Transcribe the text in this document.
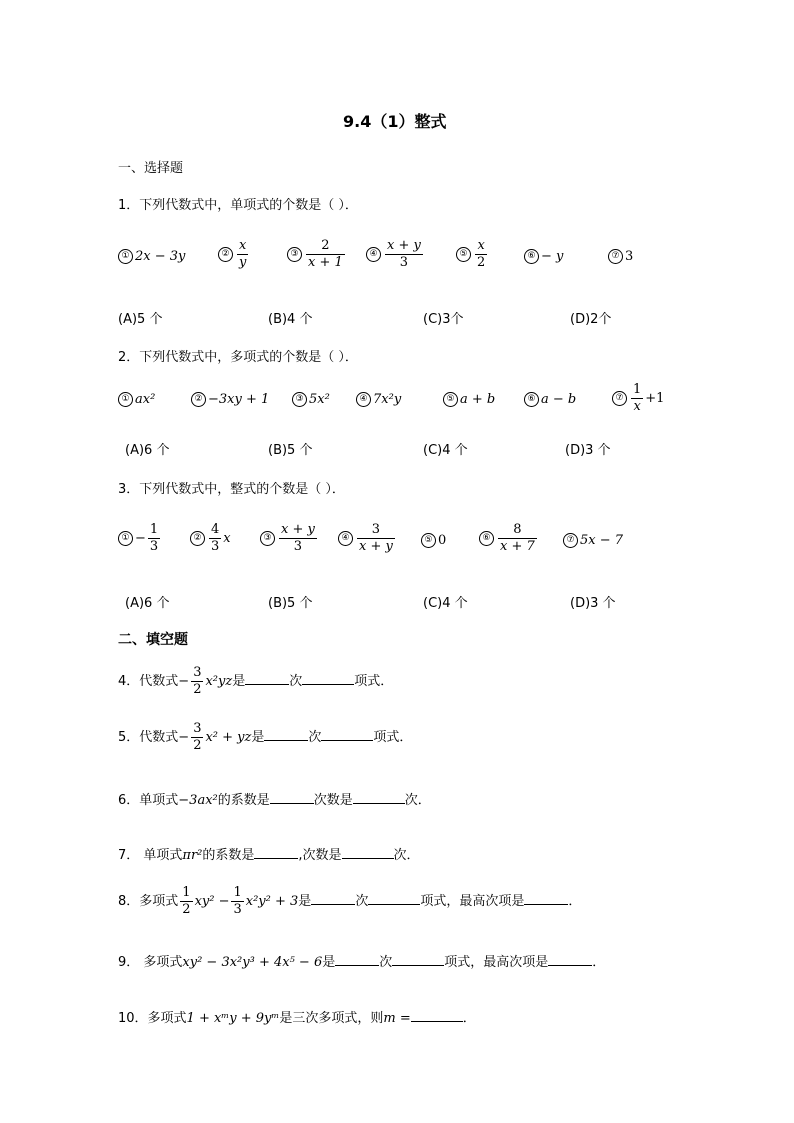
9.4（1）整式
一、选择题
1．下列代数式中，单项式的个数是（ ）．
① 2x − 3y	② $\frac{x}{y}$	③ $\frac{2}{x + 1}$	④ $\frac{x + y}{3}$	⑤ $\frac{x}{2}$	⑥ − y	⑦ 3
(A)5 个	(B)4 个	(C)3个	(D)2个
2．下列代数式中，多项式的个数是（ ）．
① ax²	② −3xy + 1	③ 5x²	④ 7x²y	⑤ a + b	⑥ a − b	⑦ $\frac{1}{x} +1$
(A)6 个	(B)5 个	(C)4 个	(D)3 个
3．下列代数式中，整式的个数是（ ）．
① − $\frac{1}{3}$	② $\frac{4}{3}$ x	③ $\frac{x + y}{3}$	④ $\frac{3}{x + y}$	⑤ 0	⑥ $\frac{8}{x + 7}$	⑦ 5x − 7
(A)6 个	(B)5 个	(C)4 个	(D)3 个
二、填空题
4．代数式− $\frac{3}{2} x^2yz$是	次	项式．
5．代数式− $\frac{3}{2} x^2$ + yz是	次	项式．
6．单项式−3ax²的系数是	次数是	次．
7． 单项式πr²的系数是	,次数是	次．
8．多项式 $\frac{1}{2} xy^2 - \frac{1}{3} x^2y^2 + 3$是	次	项式，最高次项是	．
9． 多项式xy² − 3x²y³ + 4x⁵ − 6是	次	项式，最高次项是	．
10．多项式1 + xᵐy + 9yᵐ是三次多项式，则m =	．
